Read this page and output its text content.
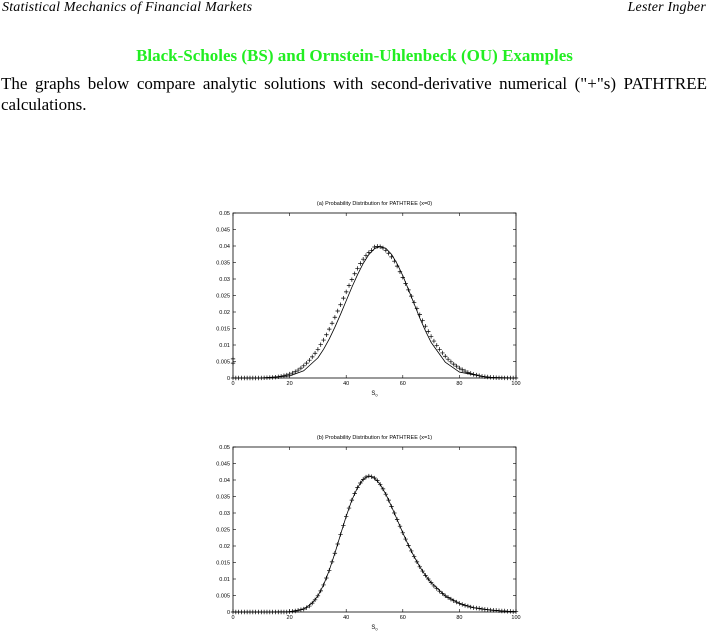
Statistical Mechanics of Financial Markets	Lester Ingber
Black-Scholes (BS) and Ornstein-Uhlenbeck (OU) Examples
The graphs below compare analytic solutions with second-derivative numerical ("+"s) PATHTREE calculations.
(a) Probability Distribution for PATHTREE (x=0)
0	20	40	60	80	100
0
0.005
0.01
0.015
0.02
0.025
0.03
0.035
0.04
0.045
0.05
$S_0$
(b) Probability Distribution for PATHTREE (x=1)
0	20	40	60	80	100
0
0.005
0.01
0.015
0.02
0.025
0.03
0.035
0.04
0.045
0.05
$S_0$
